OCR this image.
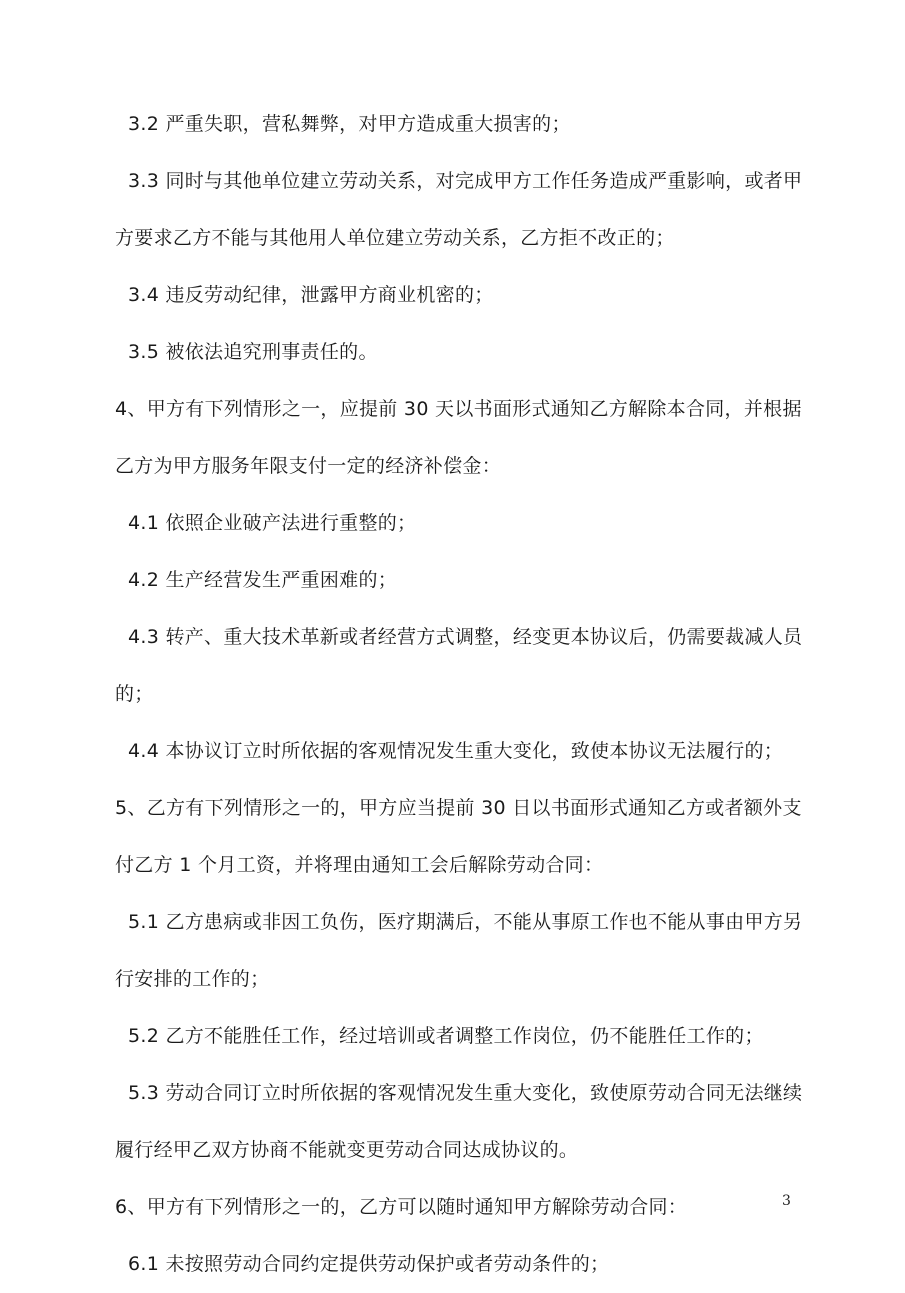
3.2 严重失职，营私舞弊，对甲方造成重大损害的；

3.3 同时与其他单位建立劳动关系，对完成甲方工作任务造成严重影响，或者甲方要求乙方不能与其他用人单位建立劳动关系，乙方拒不改正的；

3.4 违反劳动纪律，泄露甲方商业机密的；

3.5 被依法追究刑事责任的。

4、甲方有下列情形之一，应提前 30 天以书面形式通知乙方解除本合同，并根据乙方为甲方服务年限支付一定的经济补偿金：

4.1 依照企业破产法进行重整的；

4.2 生产经营发生严重困难的；

4.3 转产、重大技术革新或者经营方式调整，经变更本协议后，仍需要裁减人员的；

4.4 本协议订立时所依据的客观情况发生重大变化，致使本协议无法履行的；

5、乙方有下列情形之一的，甲方应当提前 30 日以书面形式通知乙方或者额外支付乙方 1 个月工资，并将理由通知工会后解除劳动合同：

5.1 乙方患病或非因工负伤，医疗期满后，不能从事原工作也不能从事由甲方另行安排的工作的；

5.2 乙方不能胜任工作，经过培训或者调整工作岗位，仍不能胜任工作的；

5.3 劳动合同订立时所依据的客观情况发生重大变化，致使原劳动合同无法继续履行经甲乙双方协商不能就变更劳动合同达成协议的。

6、甲方有下列情形之一的，乙方可以随时通知甲方解除劳动合同：

6.1 未按照劳动合同约定提供劳动保护或者劳动条件的；

3
